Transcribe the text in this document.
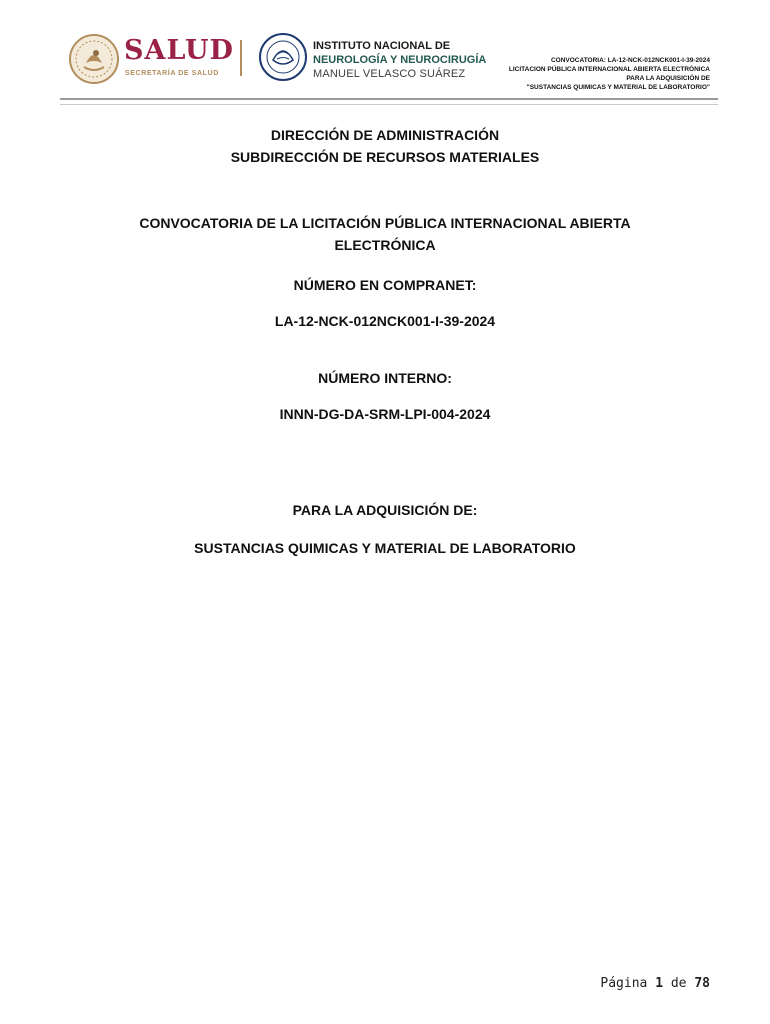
SALUD
SECRETARÍA DE SALUD
INSTITUTO NACIONAL DE
NEUROLOGÍA Y NEUROCIRUGÍA
MANUEL VELASCO SUÁREZ
CONVOCATORIA: LA-12-NCK-012NCK001-I-39-2024
LICITACION PÚBLICA INTERNACIONAL ABIERTA ELECTRÓNICA
PARA LA ADQUISICIÓN DE
"SUSTANCIAS QUIMICAS Y MATERIAL DE LABORATORIO"
DIRECCIÓN DE ADMINISTRACIÓN
SUBDIRECCIÓN DE RECURSOS MATERIALES
CONVOCATORIA DE LA LICITACIÓN PÚBLICA INTERNACIONAL ABIERTA
ELECTRÓNICA
NÚMERO EN COMPRANET:
LA-12-NCK-012NCK001-I-39-2024
NÚMERO INTERNO:
INNN-DG-DA-SRM-LPI-004-2024
PARA LA ADQUISICIÓN DE:
SUSTANCIAS QUIMICAS Y MATERIAL DE LABORATORIO
Página 1 de 78
